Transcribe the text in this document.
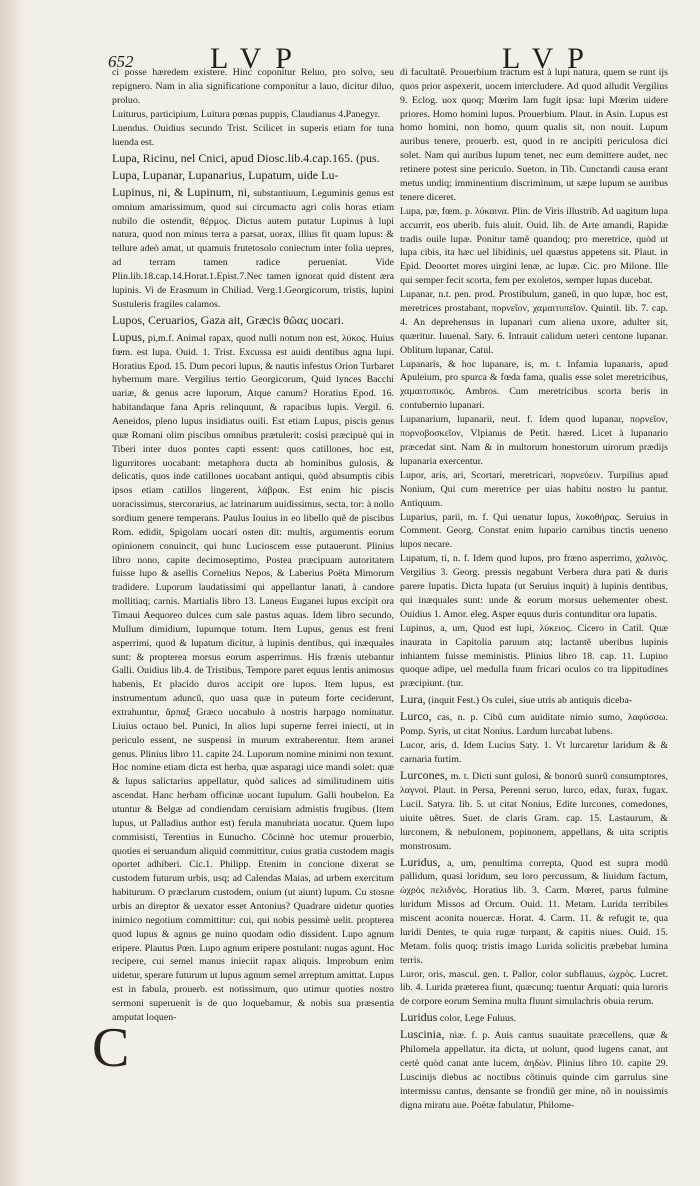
652	LVP	LVP

ci posse hæredem existere. Hinc coponitur Reluo, pro solvo, seu repignero. Nam in alia significatione componitur a lauo, dicitur diluo, proluo.

Luiturus, participium, Luitura pœnas puppis, Claudianus 4.Panegyr.

Luendus. Ouidius secundo Trist. Scilicet in superis etiam for tuna luenda est.

Lupa, Ricinu, nel Cnici, apud Diosc.lib.4.cap.165. (pus.

Lupa, Lupanar, Lupanarius, Lupatum, uide Lu-

Lupinus, ni, & Lupinum, ni, substantiuum, Leguminis genus est omnium amarissimum, quod sui circumactu agri colis horas etiam nubilo die ostendit, θέρμος. Dictus autem putatur Lupinus à lupi natura, quod non minus terra a parsat, uorax, illius fit quam lupus: & tellure adeò amat, ut quamuis frutetosolo coniectum inter folia uepres, ad terram tamen radice perueniat. Vide Plin.lib.18.cap.14.Horat.1.Epist.7.Nec tamen ignorat quid distent æra lupinis. Vi de Erasmum in Chiliad. Verg.1.Georgicorum, tristis, lupini Sustuleris fragiles calamos.

Lupos, Ceruarios, Gaza ait, Græcis θῶας uocari.

Lupus, pi,m.f. Animal rapax, quod nulli notum non est, λύκος. Huius fœm. est lupa. Ouid. 1. Trist. Excussa est auidi dentibus agna lupi. Horatius Epod. 15. Dum pecori lupus, & nautis infestus Orion Turbaret hybernum mare. Vergilius tertio Georgicorum, Quid lynces Bacchi uariæ, & genus acre luporum, Atque canum? Horatius Epod. 16. habitandaque fana Apris relinquunt, & rapacibus lupis. Vergil. 6. Aeneidos, pleno lupus insidiatus ouili. Est etiam Lupus, piscis genus quæ Romani olim piscibus omnibus prætulerit: cosisi præcipuè qui in Tiberi inter duos pontes capti essent: quos catillones, hoc est, ligurritores uocabant: metaphora ducta ab hominibus gulosis, & delicatis, quos inde catillones uocabant antiqui, quòd absumptis cibis ipsos etiam catillos lingerent, λάβρακ. Est enim hic piscis uoracissimus, stercorarius, ac latrinarum auidissimus, secta, tor: à nollo sordium genere temperans. Paulus Iouius in eo libello quẽ de piscibus Rom. edidit, Spigolam uocari osten dit: multis, argumentis eorum opinionem conuincit, qui hunc Lucioscem esse putauerunt. Plinius libro nono, capite decimoseptimo, Postea præcipuam autoritatem fuisse lupo & asellis Cornelius Nepos, & Laberius Poëta Mimorum tradidere. Luporum laudatissimi qui appellantur lanati, à candore mollitiaq; carnis. Martialis libro 13. Laneus Euganei lupus excipit ora Timaui Aequoreo dulces cum sale pastus aquas. Idem libro secundo, Mullum dimidium, lupumque totum. Item Lupus, genus est freni asperrimi, quod & lupatum dicitur, à lupinis dentibus, qui inæquales sunt: & propterea morsus eorum asperrimus. His frænis utebantur Galli. Ouidius lib.4. de Tristibus, Tempore paret equus lentis animosus habenis, Et placido duros accipit ore lupos. Item lupus, est instrumentum aduncũ, quo uasa quæ in puteum forte ceciderunt, extrahuntur, ἅρπαξ Græco uocabulo à nostris harpago nominatur. Liuius octauo bel. Punici, In alios lupi superne ferrei iniecti, ut in periculo essent, ne suspensi in murum extraherentur. Item aranei genus. Plinius libro 11. capite 24. Luporum nomine minimi non texunt. Hoc nomine etiam dicta est herba, quæ asparagi uice mandi solet: quæ & lupus salictarius appellatur, quòd salices ad similitudinem uitis ascendat. Hanc herbam officinæ uocant lupulum. Galli houbelon. Ea utuntur & Belgæ ad condiendam ceruisiam admistis frugibus. (Item lupus, ut Palladius author est) ferula manubriata uocatur. Quem lupo commisisti, Terentius in Eunucho. Cõcinnè hoc utemur prouerbio, quoties ei seruandum aliquid committitur, cuius gratia custodem magis oportet adhiberi. Cic.1. Philipp. Etenim in concione dixerat se custodem futurum urbis, usq; ad Calendas Maias, ad urbem exercitum habiturum. O præclarum custodem, ouium (ut aiunt) lupum. Cu stosne urbis an direptor & uexator esset Antonius? Quadrare uidetur quoties inimico negotium committitur: cui, qui nobis pessimè uelit. propterea quod lupus & agnus ge nuino quodam odio dissident. Lupo agnum eripere. Plautus Pœn. Lupo agnum eripere postulant: nugas agunt. Hoc recipere, cui semel manus inieciit rapax aliquis. Improbum enim uidetur, sperare futurum ut lupus agnum semel arreptum amittat. Lupus est in fabula, prouerb. est notissimum, quo utimur quoties nostro sermoni superuenit is de quo loquebamur, & nobis sua præsentia amputat loquen-

di facultatẽ. Prouerbium tractum est à lupi natura, quem se runt ijs quos prior aspexerit, uocem intercludere. Ad quod alludit Vergilius 9. Eclog. uox quoq; Mœrim Iam fugit ipsa: lupi Mœrim uidere priores. Homo homini lupus. Prouerbium. Plaut. in Asin. Lupus est homo homini, non homo, quum qualis sit, non nouit. Lupum auribus tenere, prouerb. est, quod in re ancipiti periculosa dici solet. Nam qui auribus lupum tenet, nec eum demittere audet, nec retinere potest sine periculo. Sueton. in Tib. Cunctandi causa erant metus undiq; imminentium discriminum, ut sæpe lupum se auribus tenere diceret.

Lupa, pæ, fœm. p. λύκαινα. Plin. de Viris illustrib. Ad uagitum lupa accurrit, eos uberib. fuis aluit. Ouid. lib. de Arte amandi, Rapidæ tradis ouile lupæ. Ponitur tamẽ quandoq; pro meretrice, quòd ut lupa cibis, ita hæc uel libidinis, uel quæstus appetens sit. Plaut. in Epid. Deoortet mores uirgini lenæ, ac lupæ. Cic. pro Milone. Ille qui semper fecit scorta, fem per exoletos, semper lupas ducebat.

Lupanar, n.t. pen. prod. Prostibulum, ganeũ, in quo lupæ, hoc est, meretrices prostabant, πορνεῖον, χαμαιτυπεῖον. Quintil. lib. 7. cap. 4. An deprehensus in lupanari cum aliena uxore, adulter sit, quæritur. Iuuenal. Saty. 6. Intrauit calidum ueteri centone lupanar. Oblitum lupanar, Catul.

Lupanaris, & hoc lupanare, is, m. t. Infamia lupanaris, apud Apuleium, pro spurca & fœda fama, qualis esse solet meretricibus, χαμαιτυπικός. Ambros. Cum meretricibus scorta beris in contubernio lupanari.

Lupanarium, lupanarii, neut. f. Idem quod lupanar, πορνεῖον, πορνοβοσκεῖον, Vlpianus de Petit. hæred. Licet à lupanario præcedat sint. Nam & in multorum honestorum uirorum prædijs lupanaria exercentur.

Lupor, aris, ari, Scortari, meretricari, πορνεύειν. Turpilius apud Nonium, Qui cum meretrice per uias habitu nostro lu pantur. Antiquum.

Luparius, parii, m. f. Qui uenatur lupus, λυκοθήρας. Seruius in Comment. Georg. Constat enim lupario carnibus tinctis ueneno lupos necare.

Lupatum, ti, n. f. Idem quod lupos, pro fræno asperrimo, χαλινὸς. Vergilius 3. Georg. pressis negabunt Verbera dura pati & duris parere lupatis. Dicta lupata (ut Seruius inquit) à lupinis dentibus, qui inæquales sunt: unde & eorum morsus uehementer obest. Ouidius 1. Amor. eleg. Asper equus duris contunditur ora lupatis.

Lupinus, a, um, Quod est lupi, λύκειος. Cicero in Catil. Quæ inaurata in Capitolia paruum atq; lactantẽ uberibus lupinis inhiantem fuisse meministis. Plinius libro 18. cap. 11. Lupino quoque adipe, uel medulla fuum fricari oculos co tra lippitudines præcipiunt. (tur.

Lura, (inquit Fest.) Os culei, siue utris ab antiquis diceba-

Lurco, cas, n. p. Cibũ cum auiditate nimio sumo, λαφύσσω. Pomp. Syris, ut citat Nonius. Lardum lurcabat lubens.

Lucor, aris, d. Idem Lucius Saty. 1. Vt lurcaretur laridum & & carnaria furtim.

Lurcones, m. t. Dicti sunt gulosi, & bonorũ suorũ consumptores, λαγνοί. Plaut. in Persa, Perenni seruo, lurco, edax, furax, fugax. Lucil. Satyra. lib. 5. ut citat Nonius, Edite lurcones, comedones, uiuite uẽtres. Suet. de claris Gram. cap. 15. Lastaurum, & lurconem, & nebulonem, popinonem, appellans, & uita scriptis monstrosum.

Luridus, a, um, penultima correpta, Quod est supra modũ pallidum, quasi loridum, seu loro percussum, & liuidum factum, ὠχρὸς πελιδνὸς. Horatius lib. 3. Carm. Mœret, parus fulmine luridum Missos ad Orcum. Ouid. 11. Metam. Lurida terribiles miscent aconita nouercæ. Horat. 4. Carm. 11. & refugit te, qua luridi Dentes, te quia rugæ turpant, & capitis niues. Ouid. 15. Metam. folis quoq; tristis imago Lurida solicitis præbebat lumina terris.

Luror, oris, mascul. gen. t. Pallor, color subflauus, ὠχρὸς. Lucret. lib. 4. Lurida præterea fiunt, quæcunq; tuentur Arquati: quia luroris de corpore eorum Semina multa fluunt simulachris obuia rerum.

Luridus color, Lege Fuluus.

Luscinia, niæ. f. p. Auis cantus suauitate præcellens, quæ & Philomela appellatur. ita dicta, ut uolunt, quod lugens canat, aut certè quòd canat ante lucem, ἀηδών. Plinius libro 10. capite 29. Luscinijs diebus ac noctibus cõtinuis quinde cim garrulus sine intermissu cantus, densante se frondiũ ger mine, nõ in nouissimis digna miratu aue. Poëtæ fabulatur, Philome-

C
